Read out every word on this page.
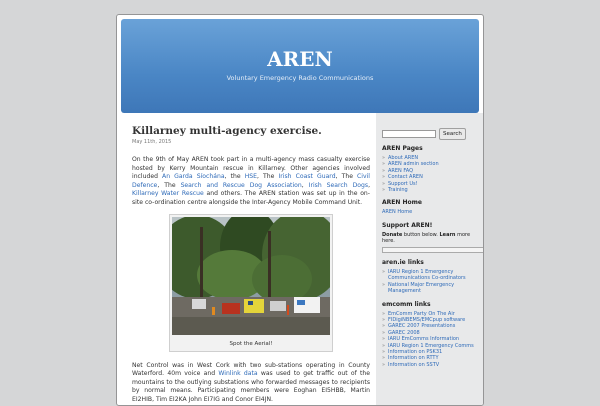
AREN
Voluntary Emergency Radio Communications
Killarney multi-agency exercise.
May 11th, 2015

On the 9th of May AREN took part in a multi-agency mass casualty exercise hosted by Kerry Mountain rescue in Killarney. Other agencies involved included An Garda Síochána, the HSE, The Irish Coast Guard, The Civil Defence, The Search and Rescue Dog Association, Irish Search Dogs, Killarney Water Rescue and others. The AREN station was set up in the on-site co-ordination centre alongside the Inter-Agency Mobile Command Unit.

Spot the Aerial!

Net Control was in West Cork with two sub-stations operating in County Waterford. 40m voice and Winlink data was used to get traffic out of the mountains to the outlying substations who forwarded messages to recipients by normal means. Participating members were Eoghan EI5HBB, Martin EI2HIB, Tim EI2KA John EI7IG and Conor EI4JN.

Search
AREN Pages
» About AREN
» AREN admin section
» AREN FAQ
» Contact AREN
» Support Us!
» Training
AREN Home
AREN Home
Support AREN!
Donate button below. Learn more here.
aren.ie links
» IARU Region 1 Emergency Communications Co-ordinators
» National Major Emergency Management
emcomm links
» EmComm Party On The Air
» FIDigiNBEMS/EMCpup software
» GAREC 2007 Presentations
» GAREC 2008
» IARU EmComms Information
» IARU Region 1 Emergency Comms
» Information on PSK31
» Information on RTTY
» Information on SSTV
